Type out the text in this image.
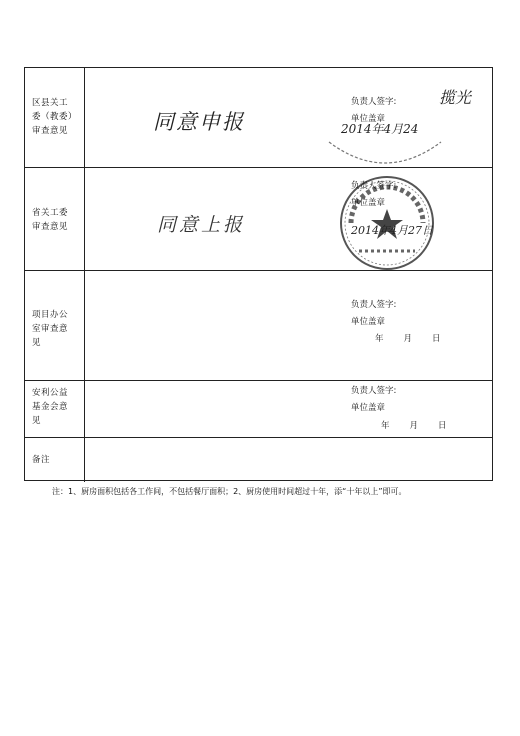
区县关工
委（教委）
审查意见	同意申报
负责人签字:
单位盖章
揽光
2014年4月24
省关工委
审查意见	同意上报
负责人签字:
单位盖章
2014年4月27日
项目办公
室审查意
见
负责人签字:
单位盖章
年　　月　　日
安利公益
基金会意
见
负责人签字:
单位盖章
年　　月　　日
备注
注：1、厨房面积包括各工作间，不包括餐厅面积；2、厨房使用时间超过十年，添“十年以上”即可。
